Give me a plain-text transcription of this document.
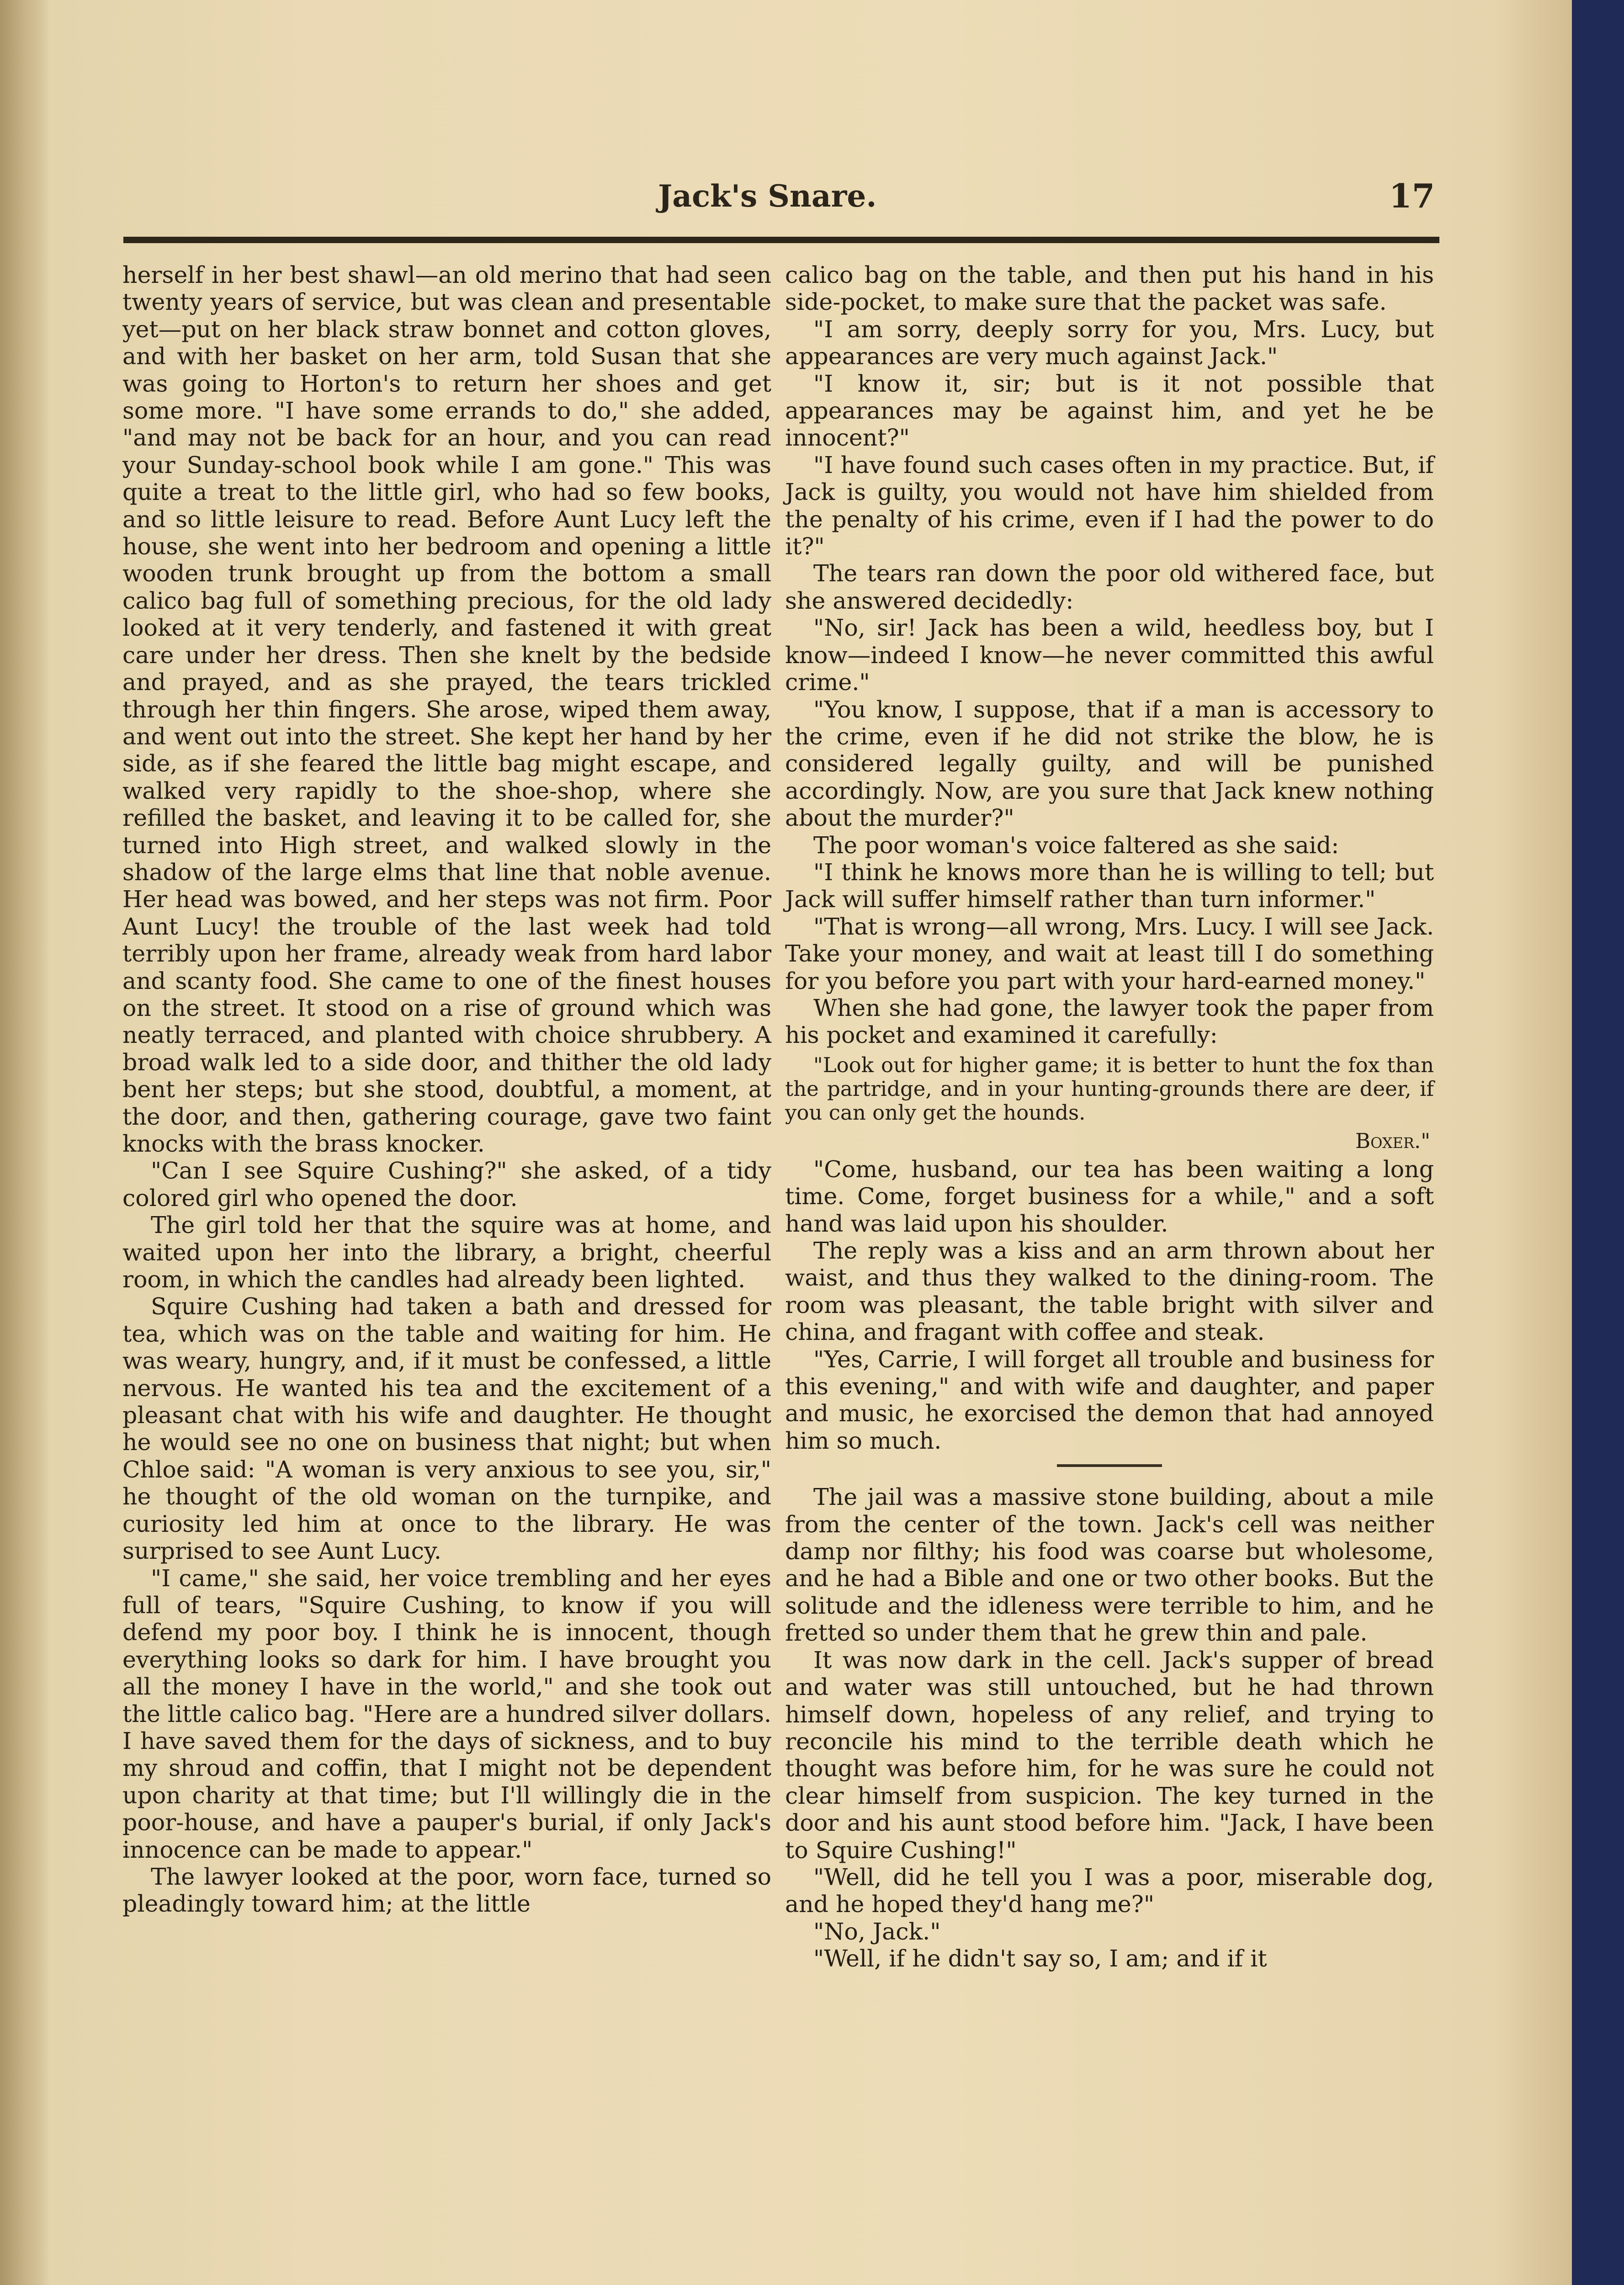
Jack's Snare.	17

herself in her best shawl—an old merino that had seen twenty years of service, but was clean and presentable yet—put on her black straw bonnet and cotton gloves, and with her basket on her arm, told Susan that she was going to Horton's to return her shoes and get some more. "I have some errands to do," she added, "and may not be back for an hour, and you can read your Sunday-school book while I am gone." This was quite a treat to the little girl, who had so few books, and so little leisure to read. Before Aunt Lucy left the house, she went into her bedroom and opening a little wooden trunk brought up from the bottom a small calico bag full of something precious, for the old lady looked at it very tenderly, and fastened it with great care under her dress. Then she knelt by the bedside and prayed, and as she prayed, the tears trickled through her thin fingers. She arose, wiped them away, and went out into the street. She kept her hand by her side, as if she feared the little bag might escape, and walked very rapidly to the shoe-shop, where she refilled the basket, and leaving it to be called for, she turned into High street, and walked slowly in the shadow of the large elms that line that noble avenue. Her head was bowed, and her steps was not firm. Poor Aunt Lucy! the trouble of the last week had told terribly upon her frame, already weak from hard labor and scanty food. She came to one of the finest houses on the street. It stood on a rise of ground which was neatly terraced, and planted with choice shrubbery. A broad walk led to a side door, and thither the old lady bent her steps; but she stood, doubtful, a moment, at the door, and then, gathering courage, gave two faint knocks with the brass knocker.

"Can I see Squire Cushing?" she asked, of a tidy colored girl who opened the door.

The girl told her that the squire was at home, and waited upon her into the library, a bright, cheerful room, in which the candles had already been lighted.

Squire Cushing had taken a bath and dressed for tea, which was on the table and waiting for him. He was weary, hungry, and, if it must be confessed, a little nervous. He wanted his tea and the excitement of a pleasant chat with his wife and daughter. He thought he would see no one on business that night; but when Chloe said: "A woman is very anxious to see you, sir," he thought of the old woman on the turnpike, and curiosity led him at once to the library. He was surprised to see Aunt Lucy.

"I came," she said, her voice trembling and her eyes full of tears, "Squire Cushing, to know if you will defend my poor boy. I think he is innocent, though everything looks so dark for him. I have brought you all the money I have in the world," and she took out the little calico bag. "Here are a hundred silver dollars. I have saved them for the days of sickness, and to buy my shroud and coffin, that I might not be dependent upon charity at that time; but I'll willingly die in the poor-house, and have a pauper's burial, if only Jack's innocence can be made to appear."

The lawyer looked at the poor, worn face, turned so pleadingly toward him; at the little

calico bag on the table, and then put his hand in his side-pocket, to make sure that the packet was safe.

"I am sorry, deeply sorry for you, Mrs. Lucy, but appearances are very much against Jack."

"I know it, sir; but is it not possible that appearances may be against him, and yet he be innocent?"

"I have found such cases often in my practice. But, if Jack is guilty, you would not have him shielded from the penalty of his crime, even if I had the power to do it?"

The tears ran down the poor old withered face, but she answered decidedly:

"No, sir! Jack has been a wild, heedless boy, but I know—indeed I know—he never committed this awful crime."

"You know, I suppose, that if a man is accessory to the crime, even if he did not strike the blow, he is considered legally guilty, and will be punished accordingly. Now, are you sure that Jack knew nothing about the murder?"

The poor woman's voice faltered as she said:

"I think he knows more than he is willing to tell; but Jack will suffer himself rather than turn informer."

"That is wrong—all wrong, Mrs. Lucy. I will see Jack. Take your money, and wait at least till I do something for you before you part with your hard-earned money."

When she had gone, the lawyer took the paper from his pocket and examined it carefully:

"Look out for higher game; it is better to hunt the fox than the partridge, and in your hunting-grounds there are deer, if you can only get the hounds.

Boxer."

"Come, husband, our tea has been waiting a long time. Come, forget business for a while," and a soft hand was laid upon his shoulder.

The reply was a kiss and an arm thrown about her waist, and thus they walked to the dining-room. The room was pleasant, the table bright with silver and china, and fragant with coffee and steak.

"Yes, Carrie, I will forget all trouble and business for this evening," and with wife and daughter, and paper and music, he exorcised the demon that had annoyed him so much.

The jail was a massive stone building, about a mile from the center of the town. Jack's cell was neither damp nor filthy; his food was coarse but wholesome, and he had a Bible and one or two other books. But the solitude and the idleness were terrible to him, and he fretted so under them that he grew thin and pale.

It was now dark in the cell. Jack's supper of bread and water was still untouched, but he had thrown himself down, hopeless of any relief, and trying to reconcile his mind to the terrible death which he thought was before him, for he was sure he could not clear himself from suspicion. The key turned in the door and his aunt stood before him. "Jack, I have been to Squire Cushing!"

"Well, did he tell you I was a poor, miserable dog, and he hoped they'd hang me?"

"No, Jack."

"Well, if he didn't say so, I am; and if it
